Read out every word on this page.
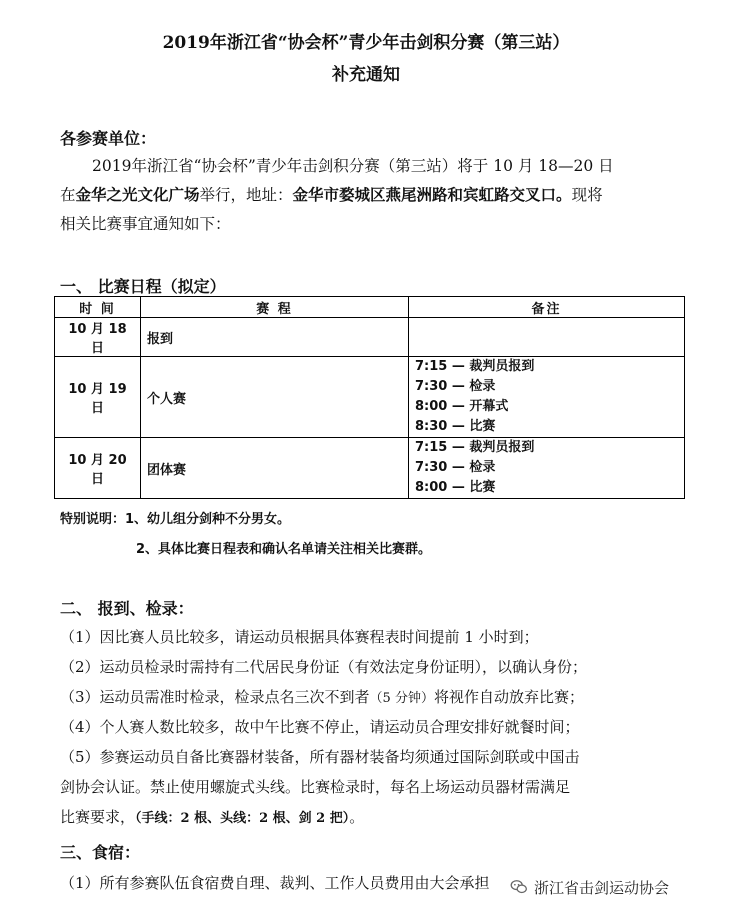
2019年浙江省“协会杯”青少年击剑积分赛（第三站）
补充通知
各参赛单位：
2019年浙江省“协会杯”青少年击剑积分赛（第三站）将于 10 月 18—20 日
在金华之光文化广场举行，地址：金华市婺城区燕尾洲路和宾虹路交叉口。现将
相关比赛事宜通知如下：
一、 比赛日程（拟定）
时 间	赛 程	备注
10 月 18 日	报到	
10 月 19 日	个人赛	7:15 — 裁判员报到
7:30 — 检录
8:00 — 开幕式
8:30 — 比赛

10 月 20 日	团体赛	7:15 — 裁判员报到
7:30 — 检录
8:00 — 比赛
特别说明：1、幼儿组分剑种不分男女。
2、具体比赛日程表和确认名单请关注相关比赛群。
二、 报到、检录：
（1）因比赛人员比较多，请运动员根据具体赛程表时间提前 1 小时到；
（2）运动员检录时需持有二代居民身份证（有效法定身份证明），以确认身份；
（3）运动员需准时检录，检录点名三次不到者（5 分钟）将视作自动放弃比赛；
（4）个人赛人数比较多，故中午比赛不停止，请运动员合理安排好就餐时间；
（5）参赛运动员自备比赛器材装备，所有器材装备均须通过国际剑联或中国击
剑协会认证。禁止使用螺旋式头线。比赛检录时，每名上场运动员器材需满足
比赛要求，（手线：2 根、头线：2 根、剑 2 把）。
三、食宿：
（1）所有参赛队伍食宿费自理、裁判、工作人员费用由大会承担	浙江省击剑运动协会
